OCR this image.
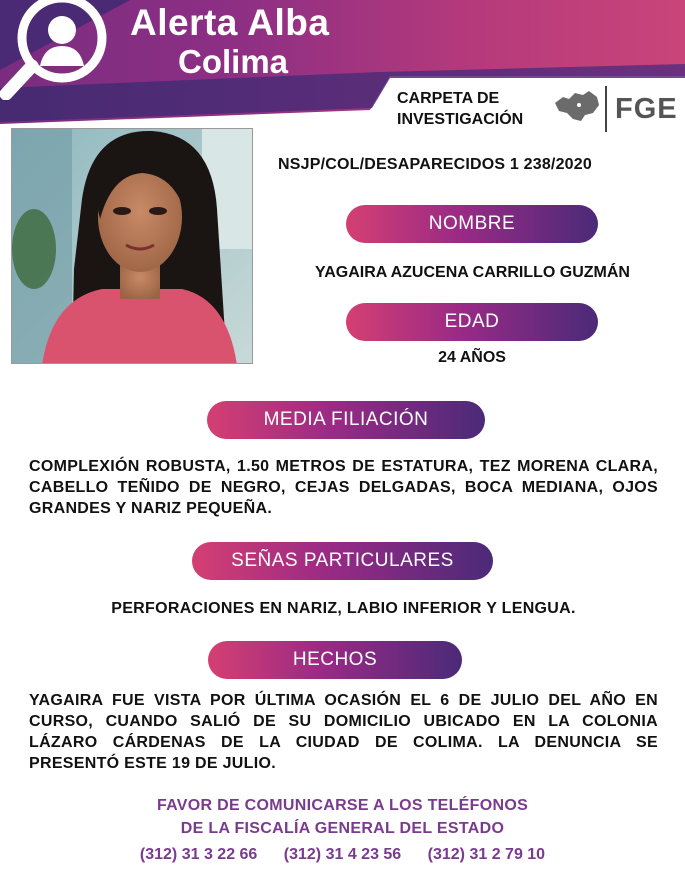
Alerta Alba
Colima
CARPETA DE
INVESTIGACIÓN	FGE
NSJP/COL/DESAPARECIDOS 1 238/2020
NOMBRE
YAGAIRA AZUCENA CARRILLO GUZMÁN
EDAD
24 AÑOS
MEDIA FILIACIÓN
COMPLEXIÓN ROBUSTA, 1.50 METROS DE ESTATURA, TEZ MORENA CLARA, CABELLO TEÑIDO DE NEGRO, CEJAS DELGADAS, BOCA MEDIANA, OJOS GRANDES Y NARIZ PEQUEÑA.
SEÑAS PARTICULARES
PERFORACIONES EN NARIZ, LABIO INFERIOR Y LENGUA.
HECHOS
YAGAIRA FUE VISTA POR ÚLTIMA OCASIÓN EL 6 DE JULIO DEL AÑO EN CURSO, CUANDO SALIÓ DE SU DOMICILIO UBICADO EN LA COLONIA LÁZARO CÁRDENAS DE LA CIUDAD DE COLIMA. LA DENUNCIA SE PRESENTÓ ESTE 19 DE JULIO.
FAVOR DE COMUNICARSE A LOS TELÉFONOS
DE LA FISCALÍA GENERAL DEL ESTADO
(312) 31 3 22 66 (312) 31 4 23 56 (312) 31 2 79 10
